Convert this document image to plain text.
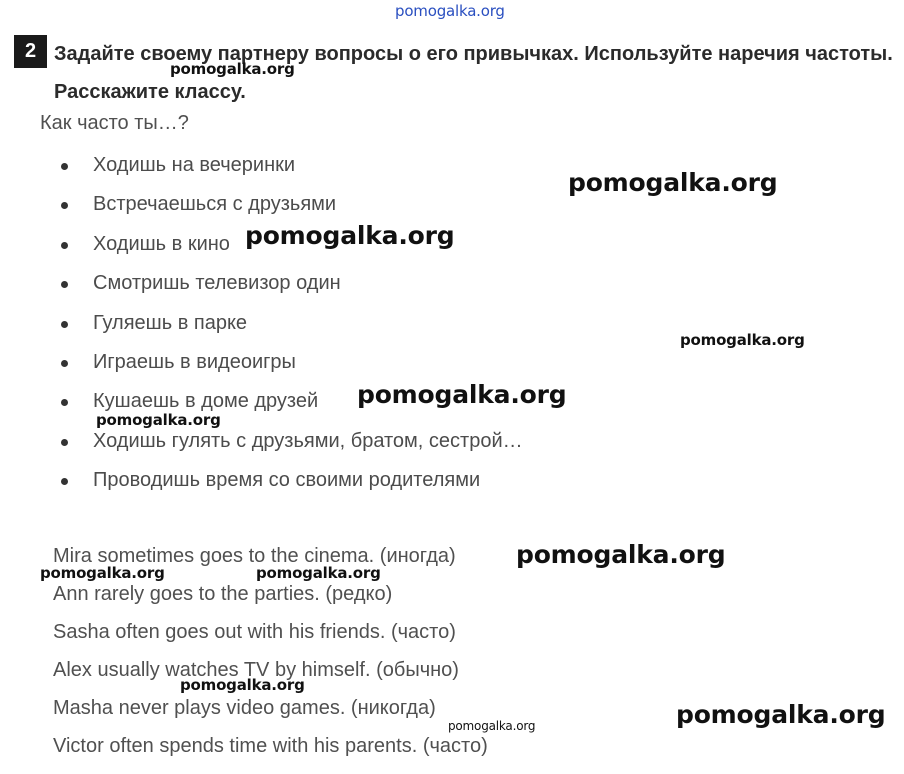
pomogalka.org
2 Задайте своему партнеру вопросы о его привычках. Используйте наречия частоты. Расскажите классу.
Как часто ты…?
Ходишь на вечеринки
Встречаешься с друзьями
Ходишь в кино
Смотришь телевизор один
Гуляешь в парке
Играешь в видеоигры
Кушаешь в доме друзей
Ходишь гулять с друзьями, братом, сестрой…
Проводишь время со своими родителями
Mira sometimes goes to the cinema. (иногда)
Ann rarely goes to the parties. (редко)
Sasha often goes out with his friends. (часто)
Alex usually watches TV by himself. (обычно)
Masha never plays video games. (никогда)
Victor often spends time with his parents. (часто)
pomogalka.org
pomogalka.org
pomogalka.org
pomogalka.org
pomogalka.org
pomogalka.org
pomogalka.org
pomogalka.org	pomogalka.org
pomogalka.org
pomogalka.org	pomogalka.org
